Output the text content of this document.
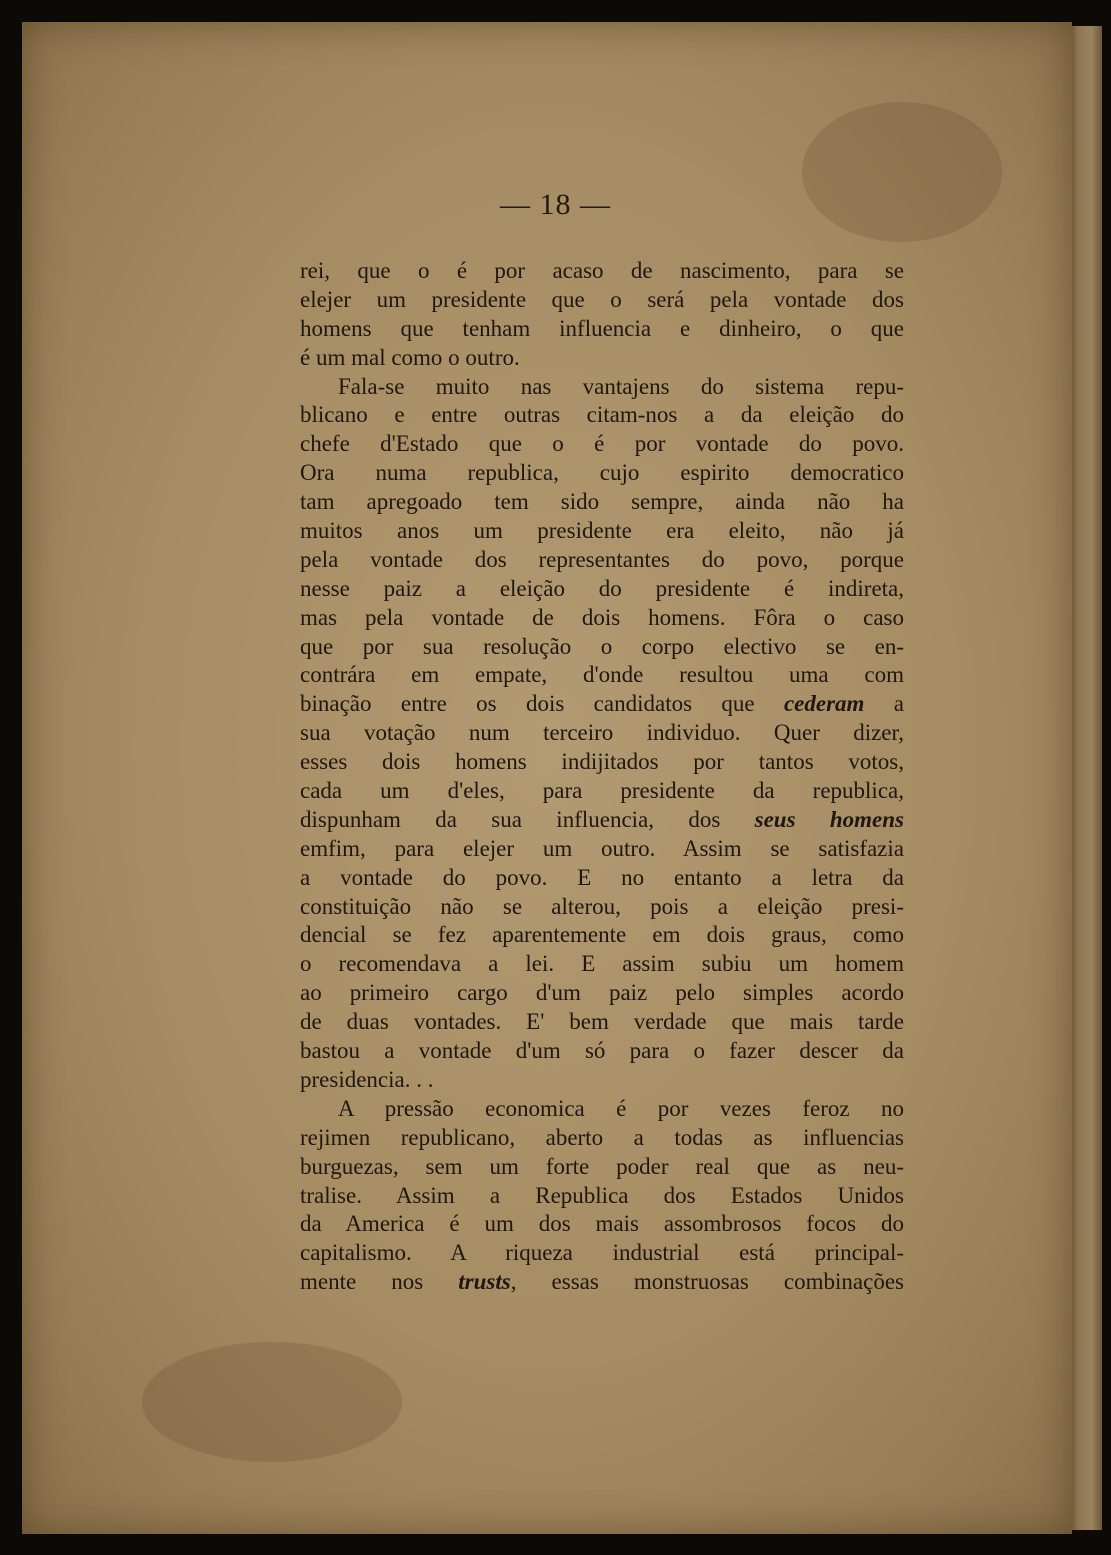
— 18 —
rei, que o é por acaso de nascimento, para se
elejer um presidente que o será pela vontade dos
homens que tenham influencia e dinheiro, o que
é um mal como o outro.
Fala-se muito nas vantajens do sistema repu-
blicano e entre outras citam-nos a da eleição do
chefe d'Estado que o é por vontade do povo.
Ora numa republica, cujo espirito democratico
tam apregoado tem sido sempre, ainda não ha
muitos anos um presidente era eleito, não já
pela vontade dos representantes do povo, porque
nesse paiz a eleição do presidente é indireta,
mas pela vontade de dois homens. Fôra o caso
que por sua resolução o corpo electivo se en-
contrára em empate, d'onde resultou uma com
binação entre os dois candidatos que cederam a
sua votação num terceiro individuo. Quer dizer,
esses dois homens indijitados por tantos votos,
cada um d'eles, para presidente da republica,
dispunham da sua influencia, dos seus homens
emfim, para elejer um outro. Assim se satisfazia
a vontade do povo. E no entanto a letra da
constituição não se alterou, pois a eleição presi-
dencial se fez aparentemente em dois graus, como
o recomendava a lei. E assim subiu um homem
ao primeiro cargo d'um paiz pelo simples acordo
de duas vontades. E' bem verdade que mais tarde
bastou a vontade d'um só para o fazer descer da
presidencia. . .
A pressão economica é por vezes feroz no
rejimen republicano, aberto a todas as influencias
burguezas, sem um forte poder real que as neu-
tralise. Assim a Republica dos Estados Unidos
da America é um dos mais assombrosos focos do
capitalismo. A riqueza industrial está principal-
mente nos trusts, essas monstruosas combinações
